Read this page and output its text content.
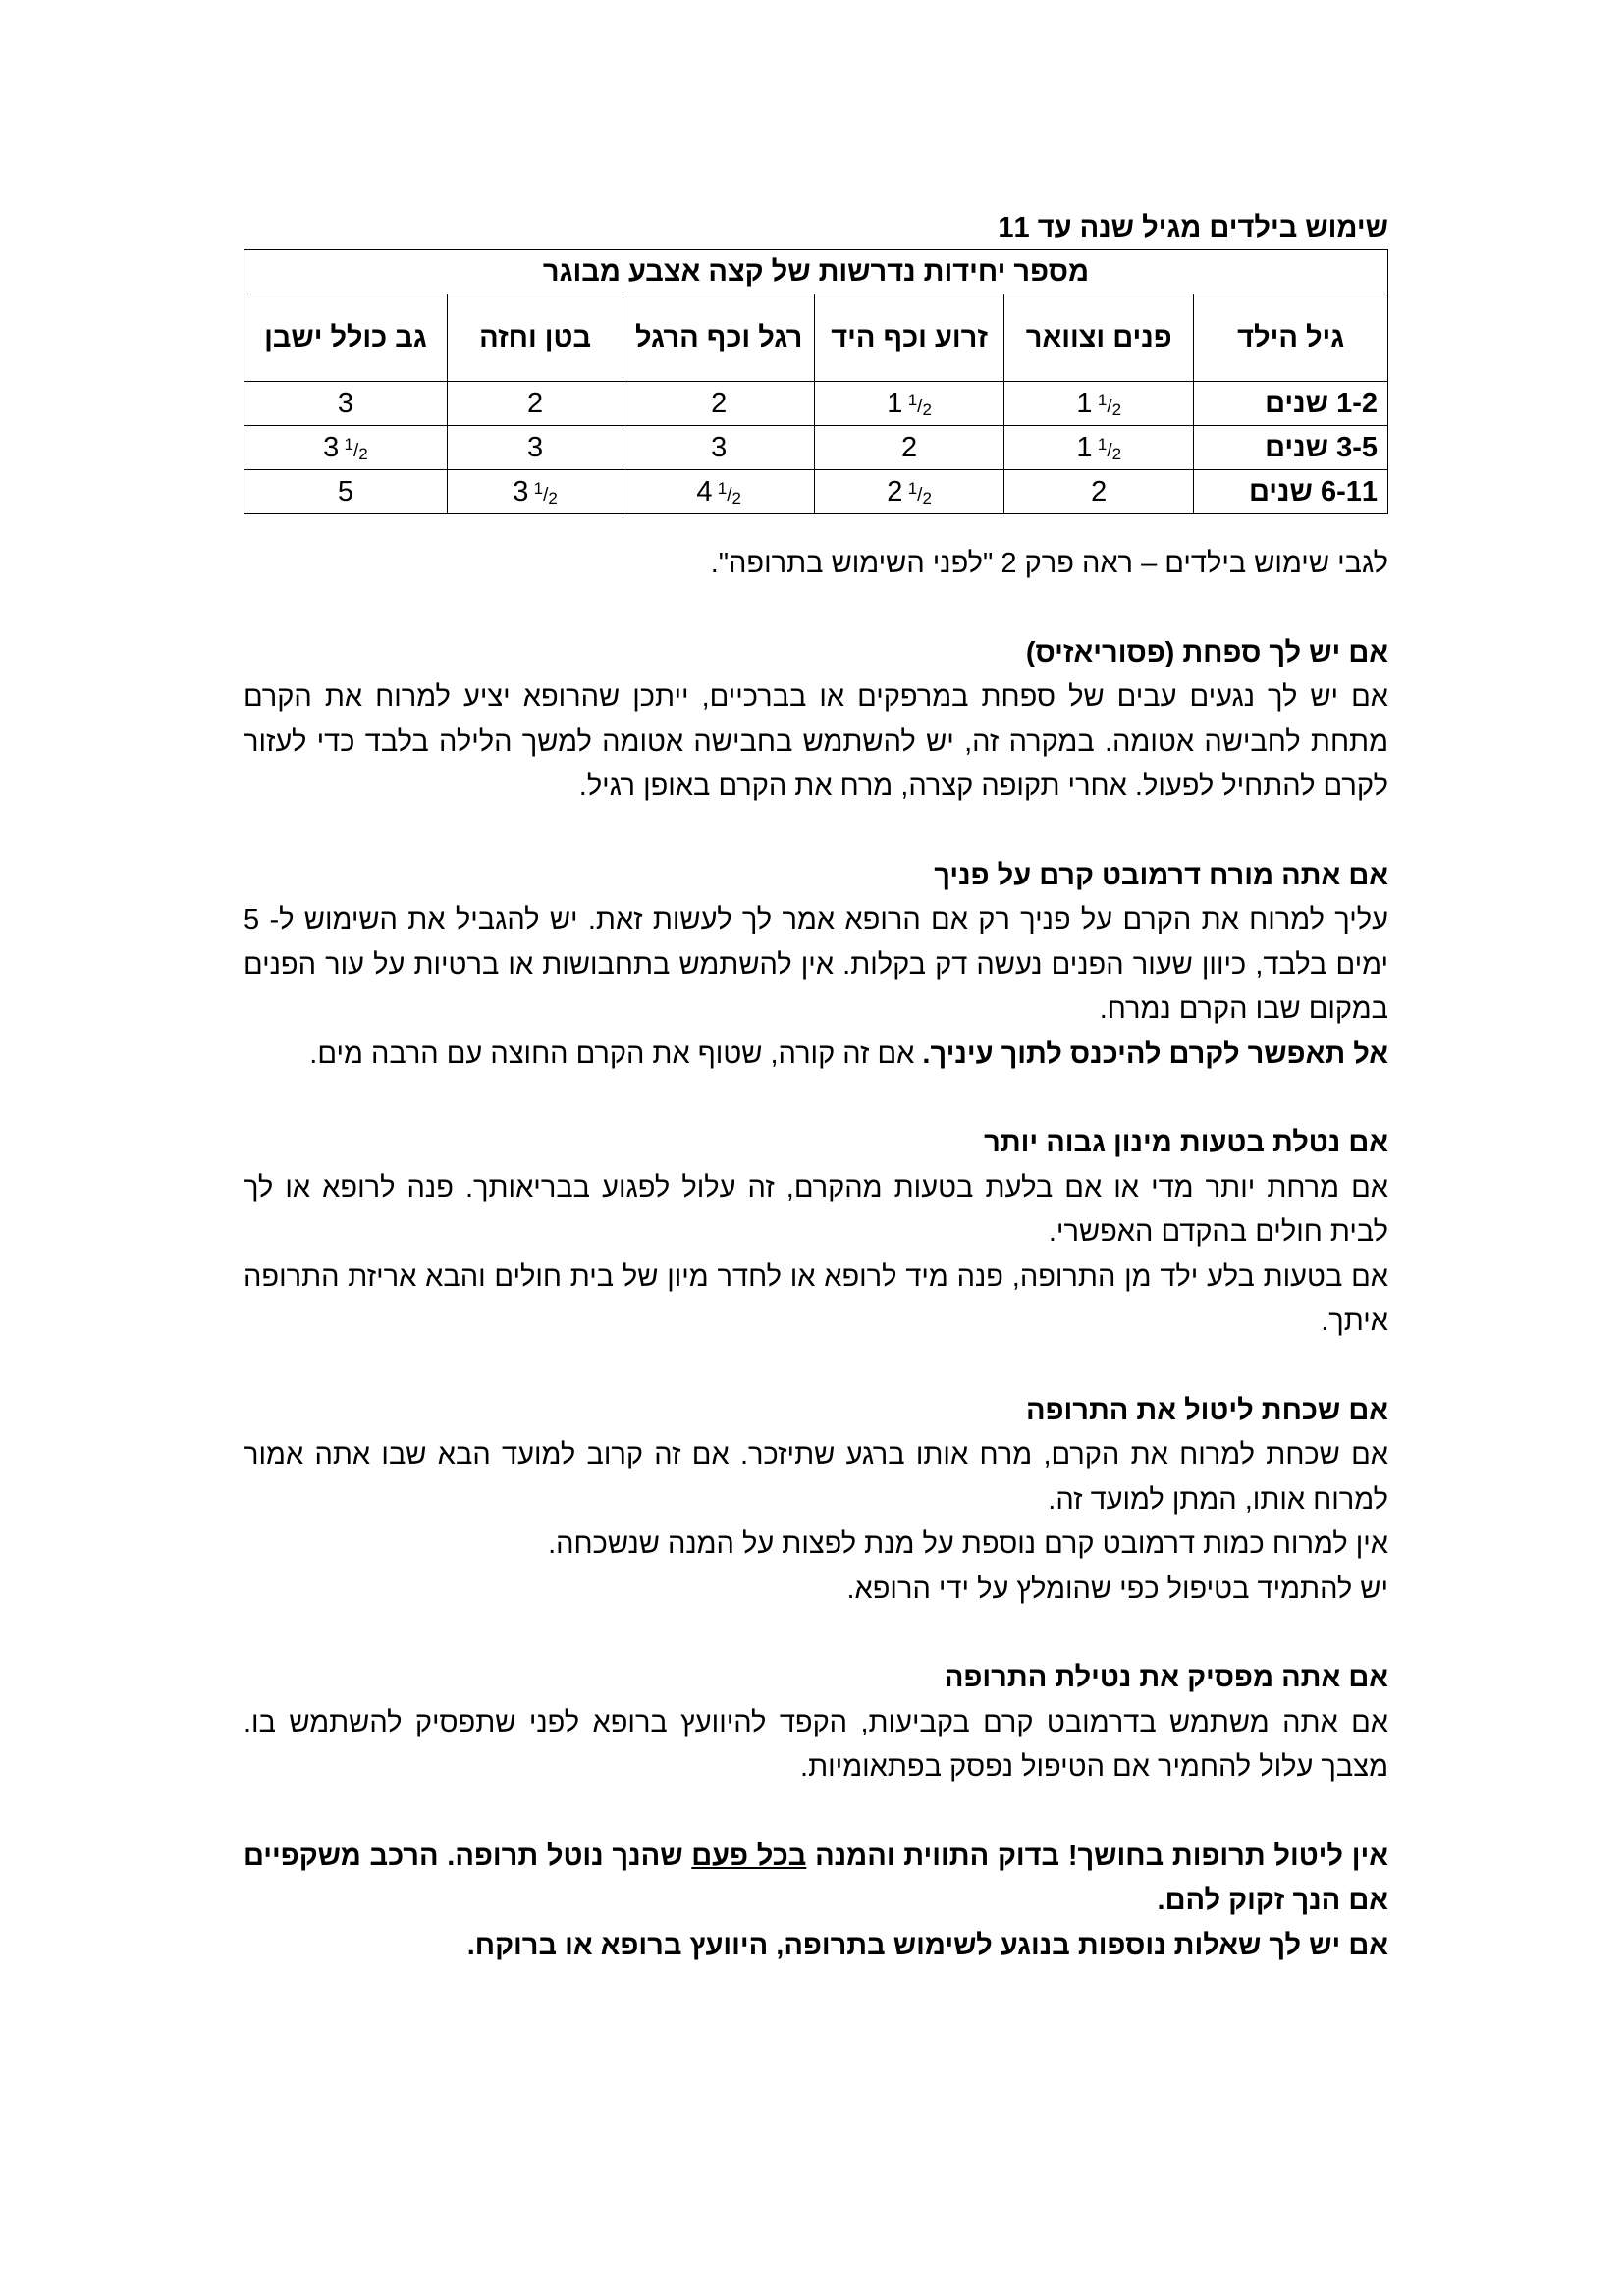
שימוש בילדים מגיל שנה עד 11
מספר יחידות נדרשות של קצה אצבע מבוגר					
גיל הילד	פנים וצוואר	זרוע וכף היד	רגל וכף הרגל	בטן וחזה	גב כולל ישבן
1-2 שנים	1 $^1/_2$	1 $^1/_2$	2	2	3
3-5 שנים	1 $^1/_2$	2	3	3	3 $^1/_2$
6-11 שנים	2	2 $^1/_2$	4 $^1/_2$	3 $^1/_2$	5

לגבי שימוש בילדים – ראה פרק 2 "לפני השימוש בתרופה".

אם יש לך ספחת (פסוריאזיס)

אם יש לך נגעים עבים של ספחת במרפקים או בברכיים, ייתכן שהרופא יציע למרוח את הקרם מתחת לחבישה אטומה. במקרה זה, יש להשתמש בחבישה אטומה למשך הלילה בלבד כדי לעזור לקרם להתחיל לפעול. אחרי תקופה קצרה, מרח את הקרם באופן רגיל.

אם אתה מורח דרמובט קרם על פניך

עליך למרוח את הקרם על פניך רק אם הרופא אמר לך לעשות זאת. יש להגביל את השימוש ל- 5 ימים בלבד, כיוון שעור הפנים נעשה דק בקלות. אין להשתמש בתחבושות או ברטיות על עור הפנים במקום שבו הקרם נמרח.

אל תאפשר לקרם להיכנס לתוך עיניך. אם זה קורה, שטוף את הקרם החוצה עם הרבה מים.

אם נטלת בטעות מינון גבוה יותר

אם מרחת יותר מדי או אם בלעת בטעות מהקרם, זה עלול לפגוע בבריאותך. פנה לרופא או לך לבית חולים בהקדם האפשרי.

אם בטעות בלע ילד מן התרופה, פנה מיד לרופא או לחדר מיון של בית חולים והבא אריזת התרופה איתך.

אם שכחת ליטול את התרופה

אם שכחת למרוח את הקרם, מרח אותו ברגע שתיזכר. אם זה קרוב למועד הבא שבו אתה אמור למרוח אותו, המתן למועד זה.

אין למרוח כמות דרמובט קרם נוספת על מנת לפצות על המנה שנשכחה.

יש להתמיד בטיפול כפי שהומלץ על ידי הרופא.

אם אתה מפסיק את נטילת התרופה

אם אתה משתמש בדרמובט קרם בקביעות, הקפד להיוועץ ברופא לפני שתפסיק להשתמש בו. מצבך עלול להחמיר אם הטיפול נפסק בפתאומיות.

אין ליטול תרופות בחושך! בדוק התווית והמנה בכל פעם שהנך נוטל תרופה. הרכב משקפיים אם הנך זקוק להם.

אם יש לך שאלות נוספות בנוגע לשימוש בתרופה, היוועץ ברופא או ברוקח.
